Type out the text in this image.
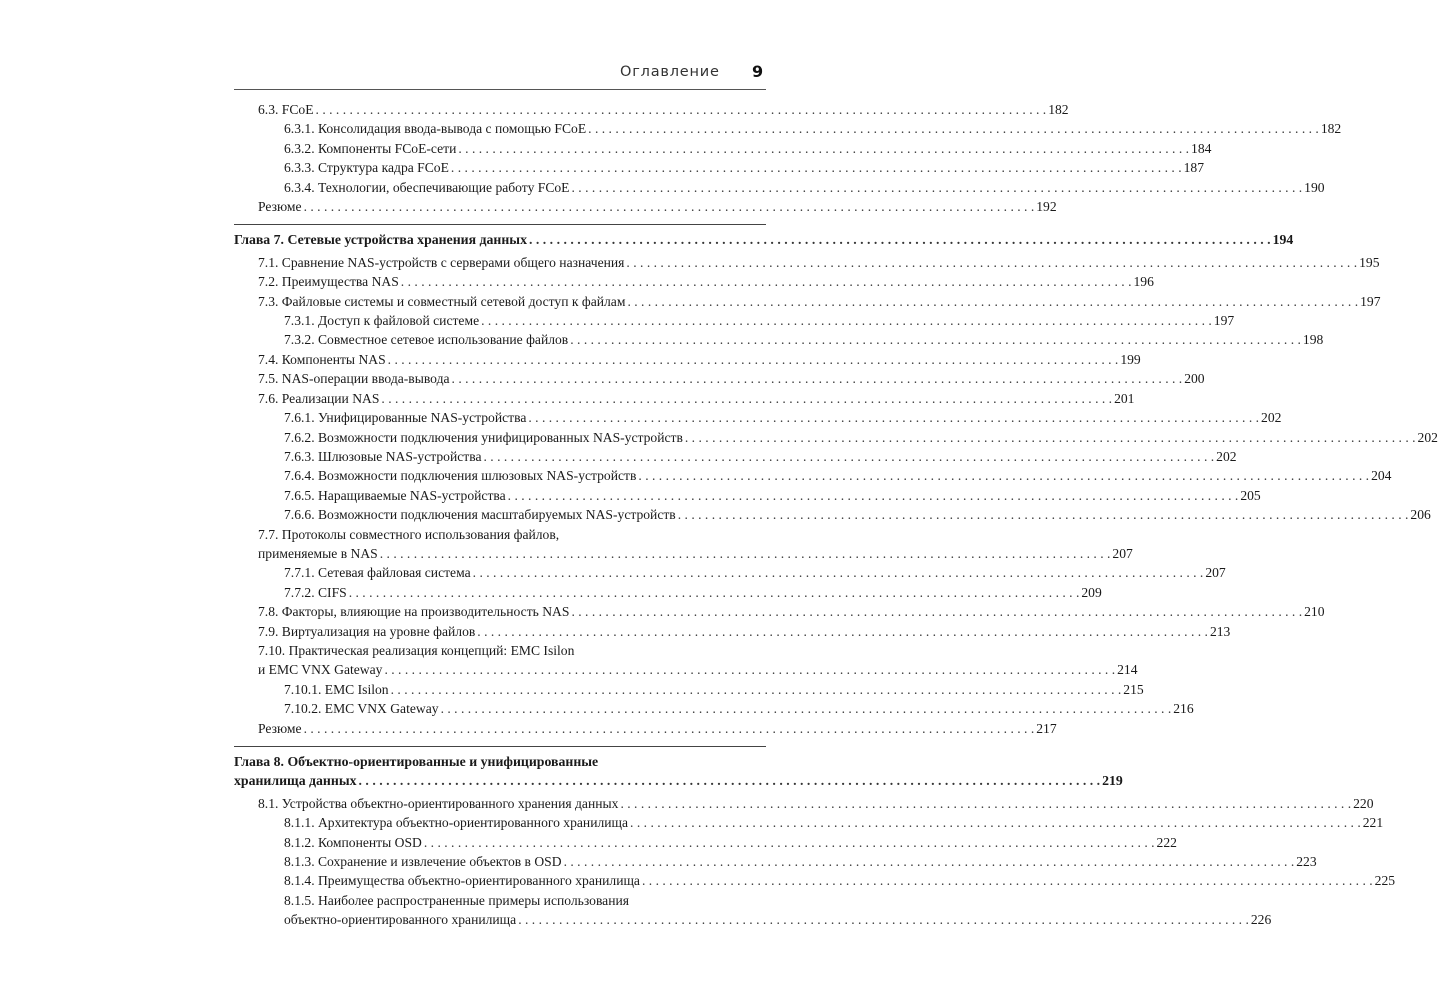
Оглавление 9
6.3. FCoE . . .	182
6.3.1. Консолидация ввода-вывода с помощью FCoE . . .	182
6.3.2. Компоненты FCoE-сети . . .	184
6.3.3. Структура кадра FCoE . . .	187
6.3.4. Технологии, обеспечивающие работу FCoE . . .	190
Резюме . . .	192
Глава 7. Сетевые устройства хранения данных . . .	194
7.1. Сравнение NAS-устройств с серверами общего назначения . . .	195
7.2. Преимущества NAS . . .	196
7.3. Файловые системы и совместный сетевой доступ к файлам . . .	197
7.3.1. Доступ к файловой системе . . .	197
7.3.2. Совместное сетевое использование файлов . . .	198
7.4. Компоненты NAS . . .	199
7.5. NAS-операции ввода-вывода . . .	200
7.6. Реализации NAS . . .	201
7.6.1. Унифицированные NAS-устройства . . .	202
7.6.2. Возможности подключения унифицированных NAS-устройств . . .	202
7.6.3. Шлюзовые NAS-устройства . . .	202
7.6.4. Возможности подключения шлюзовых NAS-устройств . . .	204
7.6.5. Наращиваемые NAS-устройства . . .	205
7.6.6. Возможности подключения масштабируемых NAS-устройств . . .	206
7.7. Протоколы совместного использования файлов,
применяемые в NAS . . .	207
7.7.1. Сетевая файловая система . . .	207
7.7.2. CIFS . . .	209
7.8. Факторы, влияющие на производительность NAS . . .	210
7.9. Виртуализация на уровне файлов . . .	213
7.10. Практическая реализация концепций: EMC Isilon
и EMC VNX Gateway . . .	214
7.10.1. EMC Isilon . . .	215
7.10.2. EMC VNX Gateway . . .	216
Резюме . . .	217
Глава 8. Объектно-ориентированные и унифицированные
хранилища данных . . .	219
8.1. Устройства объектно-ориентированного хранения данных . . .	220
8.1.1. Архитектура объектно-ориентированного хранилища . . .	221
8.1.2. Компоненты OSD . . .	222
8.1.3. Сохранение и извлечение объектов в OSD . . .	223
8.1.4. Преимущества объектно-ориентированного хранилища . . .	225
8.1.5. Наиболее распространенные примеры использования
объектно-ориентированного хранилища . . .	226
